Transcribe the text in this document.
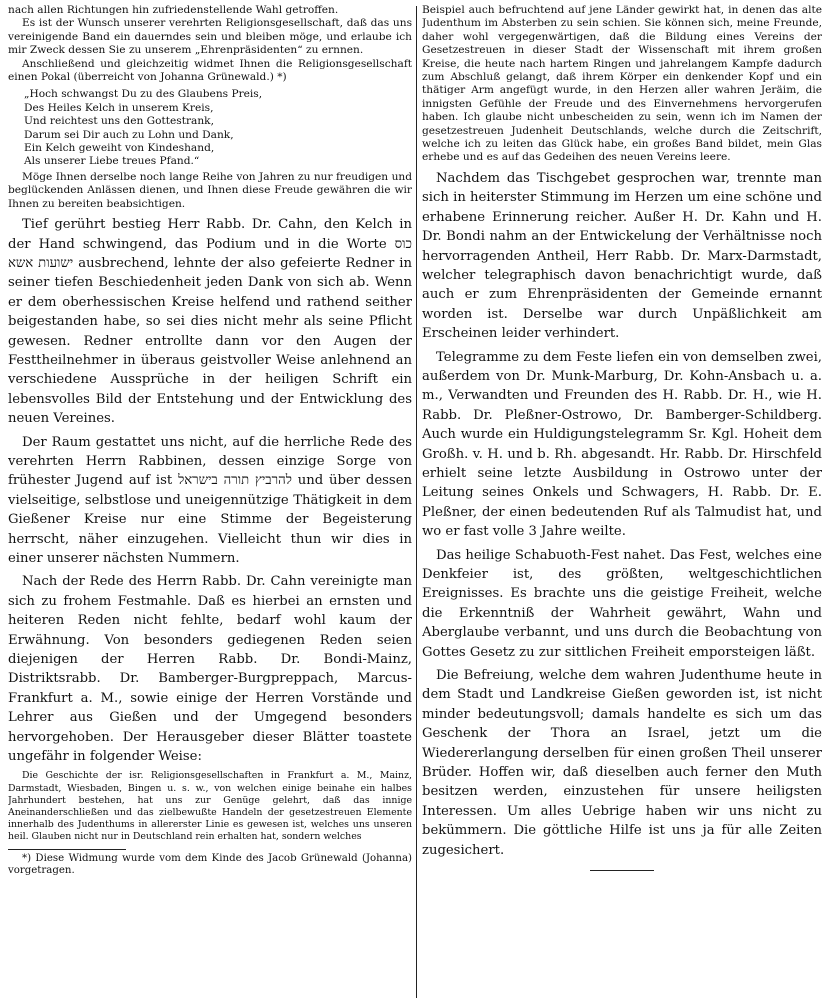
nach allen Richtungen hin zufriedenstellende Wahl getroffen.

Es ist der Wunsch unserer verehrten Religionsgesellschaft, daß das uns vereinigende Band ein dauerndes sein und bleiben möge, und erlaube ich mir Zweck dessen Sie zu unserem „Ehrenpräsidenten“ zu ernnen.

Anschließend und gleichzeitig widmet Ihnen die Religionsgesellschaft einen Pokal (überreicht von Johanna Grünewald.) *)

„Hoch schwangst Du zu des Glaubens Preis,
Des Heiles Kelch in unserem Kreis,
Und reichtest uns den Gottestrank,
Darum sei Dir auch zu Lohn und Dank,
Ein Kelch geweiht von Kindeshand,
Als unserer Liebe treues Pfand.“

Möge Ihnen derselbe noch lange Reihe von Jahren zu nur freudigen und beglückenden Anlässen dienen, und Ihnen diese Freude gewähren die wir Ihnen zu bereiten beabsichtigen.

Tief gerührt bestieg Herr Rabb. Dr. Cahn, den Kelch in der Hand schwingend, das Podium und in die Worte כוס ישועות אשא ausbrechend, lehnte der also gefeierte Redner in seiner tiefen Beschiedenheit jeden Dank von sich ab. Wenn er dem oberhessischen Kreise helfend und rathend seither beigestanden habe, so sei dies nicht mehr als seine Pflicht gewesen. Redner entrollte dann vor den Augen der Festtheilnehmer in überaus geistvoller Weise anlehnend an verschiedene Aussprüche in der heiligen Schrift ein lebensvolles Bild der Entstehung und der Entwicklung des neuen Vereines.

Der Raum gestattet uns nicht, auf die herrliche Rede des verehrten Herrn Rabbinen, dessen einzige Sorge von frühester Jugend auf ist להרביץ תורה בישראל und über dessen vielseitige, selbstlose und uneigennützige Thätigkeit in dem Gießener Kreise nur eine Stimme der Begeisterung herrscht, näher einzugehen. Vielleicht thun wir dies in einer unserer nächsten Nummern.

Nach der Rede des Herrn Rabb. Dr. Cahn vereinigte man sich zu frohem Festmahle. Daß es hierbei an ernsten und heiteren Reden nicht fehlte, bedarf wohl kaum der Erwähnung. Von besonders gediegenen Reden seien diejenigen der Herren Rabb. Dr. Bondi-Mainz, Distriktsrabb. Dr. Bamberger-Burgpreppach, Marcus-Frankfurt a. M., sowie einige der Herren Vorstände und Lehrer aus Gießen und der Umgegend besonders hervorgehoben. Der Herausgeber dieser Blätter toastete ungefähr in folgender Weise:

Die Geschichte der isr. Religionsgesellschaften in Frankfurt a. M., Mainz, Darmstadt, Wiesbaden, Bingen u. s. w., von welchen einige beinahe ein halbes Jahrhundert bestehen, hat uns zur Genüge gelehrt, daß das innige Aneinanderschließen und das zielbewußte Handeln der gesetzestreuen Elemente innerhalb des Judenthums in allererster Linie es gewesen ist, welches uns unseren heil. Glauben nicht nur in Deutschland rein erhalten hat, sondern welches

*) Diese Widmung wurde vom dem Kinde des Jacob Grünewald (Johanna) vorgetragen.

Beispiel auch befruchtend auf jene Länder gewirkt hat, in denen das alte Judenthum im Absterben zu sein schien. Sie können sich, meine Freunde, daher wohl vergegenwärtigen, daß die Bildung eines Vereins der Gesetzestreuen in dieser Stadt der Wissenschaft mit ihrem großen Kreise, die heute nach hartem Ringen und jahrelangem Kampfe dadurch zum Abschluß gelangt, daß ihrem Körper ein denkender Kopf und ein thätiger Arm angefügt wurde, in den Herzen aller wahren Jeräim, die innigsten Gefühle der Freude und des Einvernehmens hervorgerufen haben. Ich glaube nicht unbescheiden zu sein, wenn ich im Namen der gesetzestreuen Judenheit Deutschlands, welche durch die Zeitschrift, welche ich zu leiten das Glück habe, ein großes Band bildet, mein Glas erhebe und es auf das Gedeihen des neuen Vereins leere.

Nachdem das Tischgebet gesprochen war, trennte man sich in heiterster Stimmung im Herzen um eine schöne und erhabene Erinnerung reicher. Außer H. Dr. Kahn und H. Dr. Bondi nahm an der Entwickelung der Verhältnisse noch hervorragenden Antheil, Herr Rabb. Dr. Marx-Darmstadt, welcher telegraphisch davon benachrichtigt wurde, daß auch er zum Ehrenpräsidenten der Gemeinde ernannt worden ist. Derselbe war durch Unpäßlichkeit am Erscheinen leider verhindert.

Telegramme zu dem Feste liefen ein von demselben zwei, außerdem von Dr. Munk-Marburg, Dr. Kohn-Ansbach u. a. m., Verwandten und Freunden des H. Rabb. Dr. H., wie H. Rabb. Dr. Pleßner-Ostrowo, Dr. Bamberger-Schildberg. Auch wurde ein Huldigungstelegramm Sr. Kgl. Hoheit dem Großh. v. H. und b. Rh. abgesandt. Hr. Rabb. Dr. Hirschfeld erhielt seine letzte Ausbildung in Ostrowo unter der Leitung seines Onkels und Schwagers, H. Rabb. Dr. E. Pleßner, der einen bedeutenden Ruf als Talmudist hat, und wo er fast volle 3 Jahre weilte.

Das heilige Schabuoth-Fest nahet. Das Fest, welches eine Denkfeier ist, des größten, weltgeschichtlichen Ereignisses. Es brachte uns die geistige Freiheit, welche die Erkenntniß der Wahrheit gewährt, Wahn und Aberglaube verbannt, und uns durch die Beobachtung von Gottes Gesetz zu zur sittlichen Freiheit emporsteigen läßt.

Die Befreiung, welche dem wahren Judenthume heute in dem Stadt und Landkreise Gießen geworden ist, ist nicht minder bedeutungsvoll; damals handelte es sich um das Geschenk der Thora an Israel, jetzt um die Wiedererlangung derselben für einen großen Theil unserer Brüder. Hoffen wir, daß dieselben auch ferner den Muth besitzen werden, einzustehen für unsere heiligsten Interessen. Um alles Uebrige haben wir uns nicht zu bekümmern. Die göttliche Hilfe ist uns ja für alle Zeiten zugesichert.
